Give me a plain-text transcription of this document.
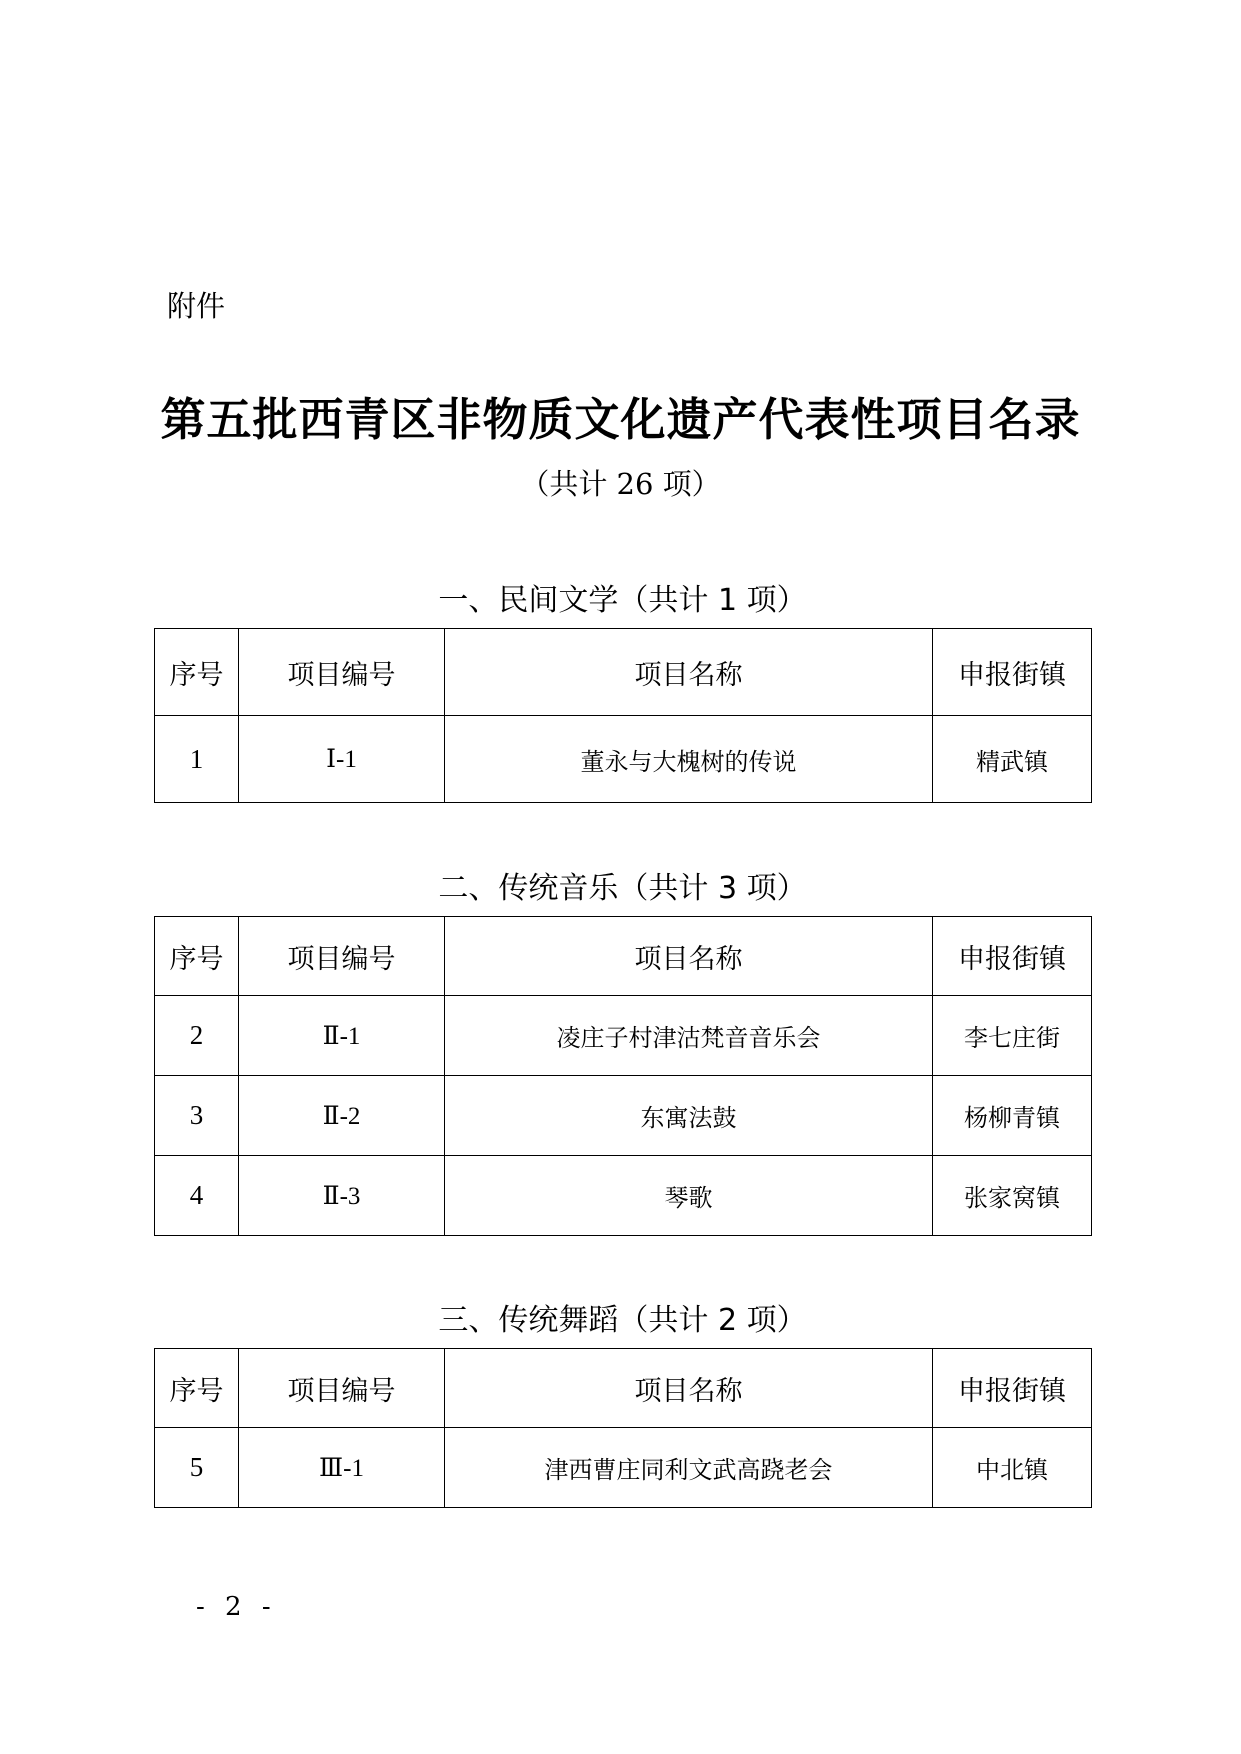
附件
第五批西青区非物质文化遗产代表性项目名录
（共计 26 项）
一、民间文学（共计 1 项）
序号	项目编号	项目名称	申报街镇
1	Ⅰ-1	董永与大槐树的传说	精武镇
二、传统音乐（共计 3 项）
序号	项目编号	项目名称	申报街镇
2	Ⅱ-1	凌庄子村津沽梵音音乐会	李七庄街
3	Ⅱ-2	东寓法鼓	杨柳青镇
4	Ⅱ-3	琴歌	张家窝镇
三、传统舞蹈（共计 2 项）
序号	项目编号	项目名称	申报街镇
5	Ⅲ-1	津西曹庄同利文武高跷老会	中北镇
- 2 -
